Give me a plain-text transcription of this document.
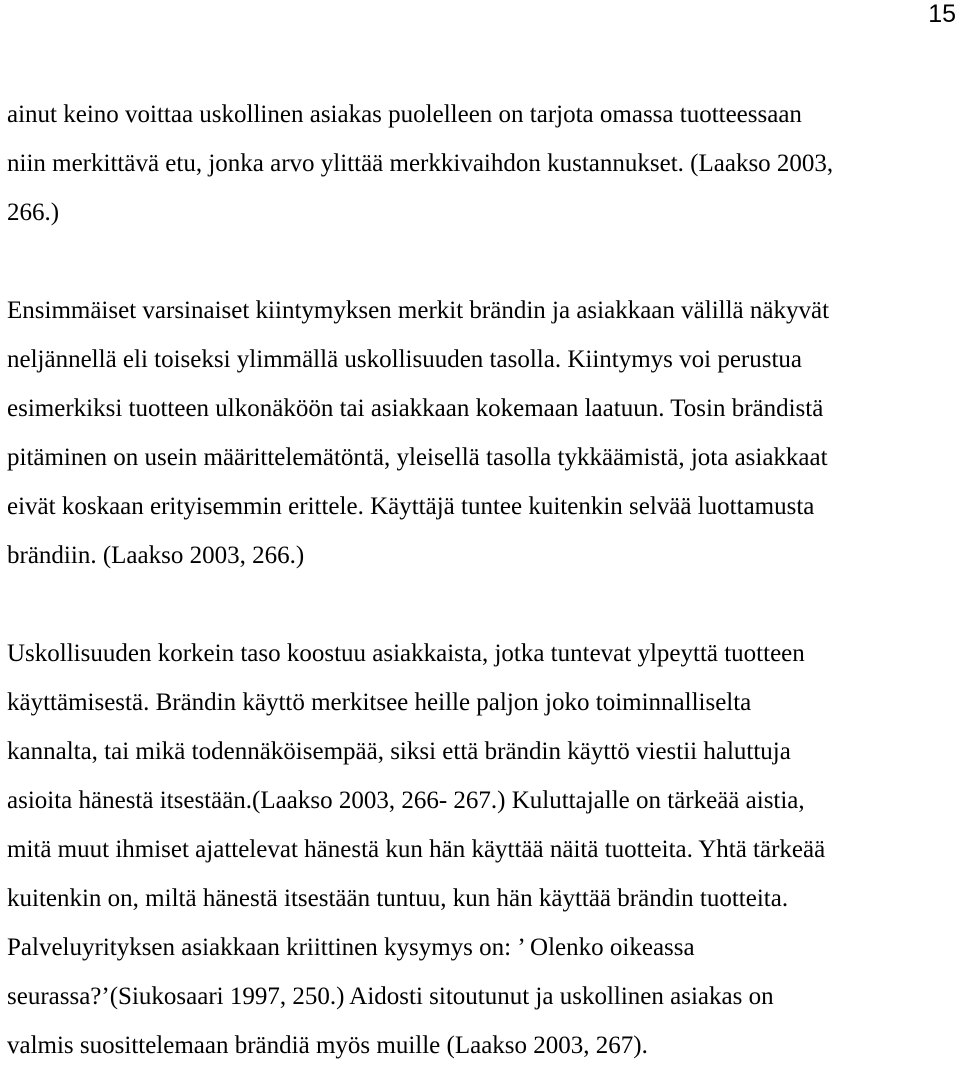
15
ainut keino voittaa uskollinen asiakas puolelleen on tarjota omassa tuotteessaan
niin merkittävä etu, jonka arvo ylittää merkkivaihdon kustannukset. (Laakso 2003,
266.)
Ensimmäiset varsinaiset kiintymyksen merkit brändin ja asiakkaan välillä näkyvät
neljännellä eli toiseksi ylimmällä uskollisuuden tasolla. Kiintymys voi perustua
esimerkiksi tuotteen ulkonäköön tai asiakkaan kokemaan laatuun. Tosin brändistä
pitäminen on usein määrittelemätöntä, yleisellä tasolla tykkäämistä, jota asiakkaat
eivät koskaan erityisemmin erittele. Käyttäjä tuntee kuitenkin selvää luottamusta
brändiin. (Laakso 2003, 266.)
Uskollisuuden korkein taso koostuu asiakkaista, jotka tuntevat ylpeyttä tuotteen
käyttämisestä. Brändin käyttö merkitsee heille paljon joko toiminnalliselta
kannalta, tai mikä todennäköisempää, siksi että brändin käyttö viestii haluttuja
asioita hänestä itsestään.(Laakso 2003, 266- 267.) Kuluttajalle on tärkeää aistia,
mitä muut ihmiset ajattelevat hänestä kun hän käyttää näitä tuotteita. Yhtä tärkeää
kuitenkin on, miltä hänestä itsestään tuntuu, kun hän käyttää brändin tuotteita.
Palveluyrityksen asiakkaan kriittinen kysymys on: ’ Olenko oikeassa
seurassa?’(Siukosaari 1997, 250.) Aidosti sitoutunut ja uskollinen asiakas on
valmis suosittelemaan brändiä myös muille (Laakso 2003, 267).
